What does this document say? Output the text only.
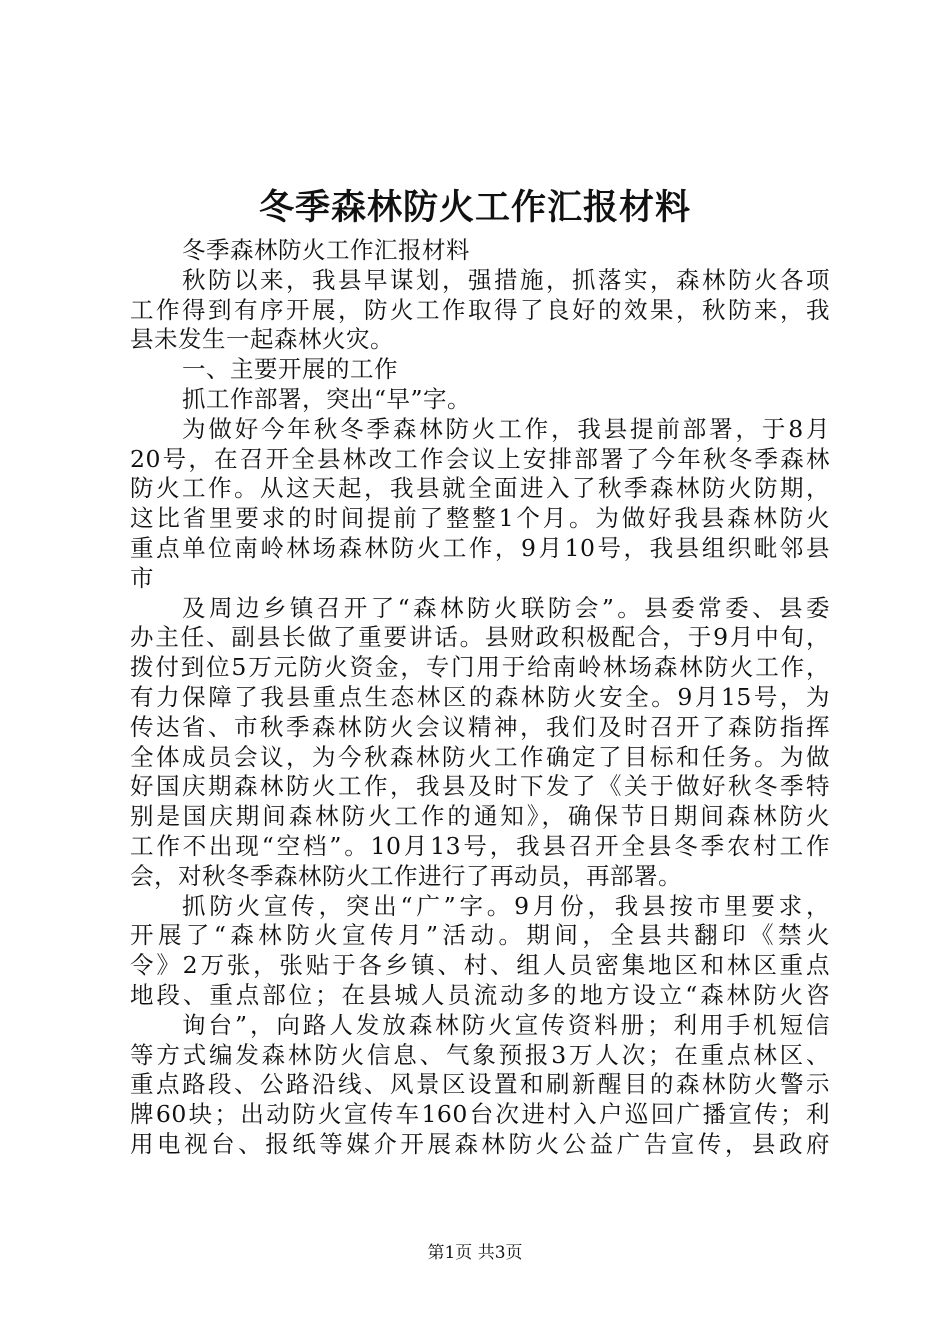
冬季森林防火工作汇报材料
冬季森林防火工作汇报材料
秋防以来，我县早谋划，强措施，抓落实，森林防火各项
工作得到有序开展，防火工作取得了良好的效果，秋防来，我
县未发生一起森林火灾。
一、主要开展的工作
抓工作部署，突出“早”字。
为做好今年秋冬季森林防火工作，我县提前部署，于8月
20号，在召开全县林改工作会议上安排部署了今年秋冬季森林
防火工作。从这天起，我县就全面进入了秋季森林防火防期，
这比省里要求的时间提前了整整1个月。为做好我县森林防火
重点单位南岭林场森林防火工作，9月10号，我县组织毗邻县
市
及周边乡镇召开了“森林防火联防会”。县委常委、县委
办主任、副县长做了重要讲话。县财政积极配合，于9月中旬，
拨付到位5万元防火资金，专门用于给南岭林场森林防火工作，
有力保障了我县重点生态林区的森林防火安全。9月15号，为
传达省、市秋季森林防火会议精神，我们及时召开了森防指挥
全体成员会议，为今秋森林防火工作确定了目标和任务。为做
好国庆期森林防火工作，我县及时下发了《关于做好秋冬季特
别是国庆期间森林防火工作的通知》，确保节日期间森林防火
工作不出现“空档”。10月13号，我县召开全县冬季农村工作
会，对秋冬季森林防火工作进行了再动员，再部署。
抓防火宣传，突出“广”字。9月份，我县按市里要求，
开展了“森林防火宣传月”活动。期间，全县共翻印《禁火
令》2万张，张贴于各乡镇、村、组人员密集地区和林区重点
地段、重点部位；在县城人员流动多的地方设立“森林防火咨
询台”，向路人发放森林防火宣传资料册；利用手机短信
等方式编发森林防火信息、气象预报3万人次；在重点林区、
重点路段、公路沿线、风景区设置和刷新醒目的森林防火警示
牌60块；出动防火宣传车160台次进村入户巡回广播宣传；利
用电视台、报纸等媒介开展森林防火公益广告宣传，县政府
第1页 共3页
